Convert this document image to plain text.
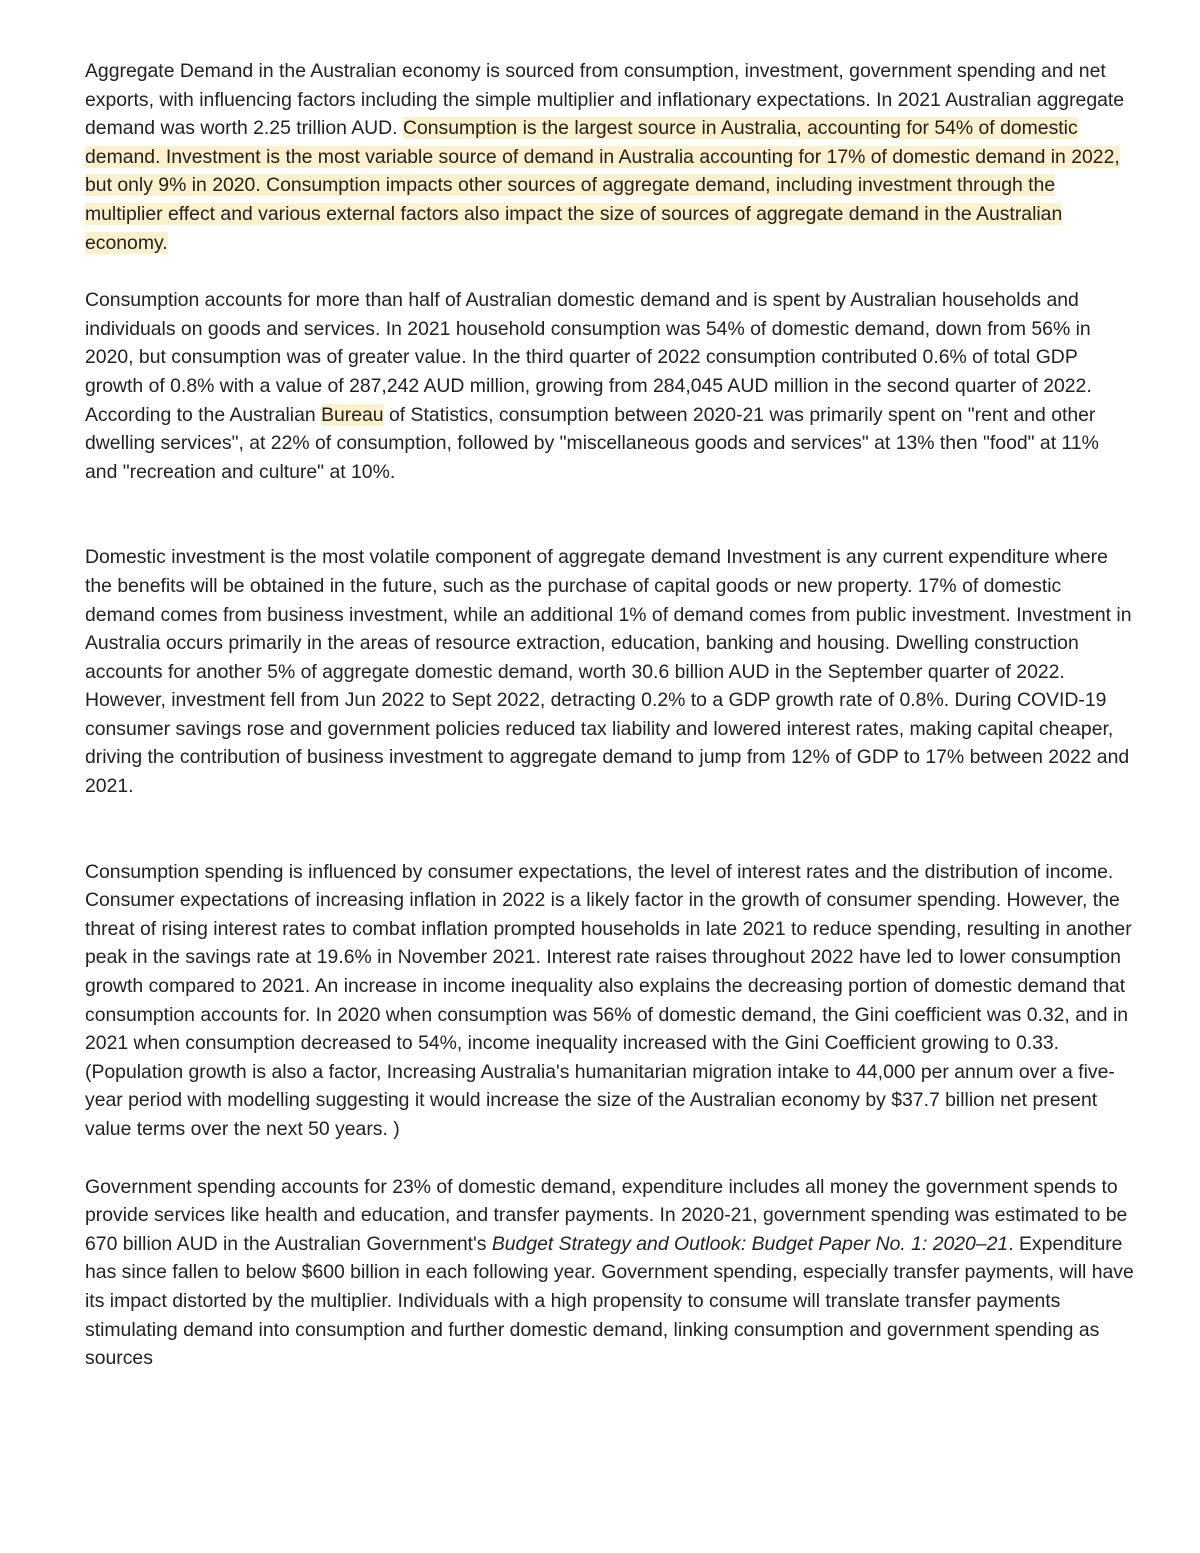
Aggregate Demand in the Australian economy is sourced from consumption, investment, government spending and net exports, with influencing factors including the simple multiplier and inflationary expectations. In 2021 Australian aggregate demand was worth 2.25 trillion AUD. Consumption is the largest source in Australia, accounting for 54% of domestic demand. Investment is the most variable source of demand in Australia accounting for 17% of domestic demand in 2022, but only 9% in 2020. Consumption impacts other sources of aggregate demand, including investment through the multiplier effect and various external factors also impact the size of sources of aggregate demand in the Australian economy.

Consumption accounts for more than half of Australian domestic demand and is spent by Australian households and individuals on goods and services. In 2021 household consumption was 54% of domestic demand, down from 56% in 2020, but consumption was of greater value. In the third quarter of 2022 consumption contributed 0.6% of total GDP growth of 0.8% with a value of 287,242 AUD million, growing from 284,045 AUD million in the second quarter of 2022. According to the Australian Bureau of Statistics, consumption between 2020-21 was primarily spent on "rent and other dwelling services", at 22% of consumption, followed by "miscellaneous goods and services" at 13% then "food" at 11% and "recreation and culture" at 10%.

Domestic investment is the most volatile component of aggregate demand Investment is any current expenditure where the benefits will be obtained in the future, such as the purchase of capital goods or new property. 17% of domestic demand comes from business investment, while an additional 1% of demand comes from public investment. Investment in Australia occurs primarily in the areas of resource extraction, education, banking and housing. Dwelling construction accounts for another 5% of aggregate domestic demand, worth 30.6 billion AUD in the September quarter of 2022. However, investment fell from Jun 2022 to Sept 2022, detracting 0.2% to a GDP growth rate of 0.8%. During COVID-19 consumer savings rose and government policies reduced tax liability and lowered interest rates, making capital cheaper, driving the contribution of business investment to aggregate demand to jump from 12% of GDP to 17% between 2022 and 2021.

Consumption spending is influenced by consumer expectations, the level of interest rates and the distribution of income. Consumer expectations of increasing inflation in 2022 is a likely factor in the growth of consumer spending. However, the threat of rising interest rates to combat inflation prompted households in late 2021 to reduce spending, resulting in another peak in the savings rate at 19.6% in November 2021. Interest rate raises throughout 2022 have led to lower consumption growth compared to 2021. An increase in income inequality also explains the decreasing portion of domestic demand that consumption accounts for. In 2020 when consumption was 56% of domestic demand, the Gini coefficient was 0.32, and in 2021 when consumption decreased to 54%, income inequality increased with the Gini Coefficient growing to 0.33. (Population growth is also a factor, Increasing Australia's humanitarian migration intake to 44,000 per annum over a five-year period with modelling suggesting it would increase the size of the Australian economy by $37.7 billion net present value terms over the next 50 years. )

Government spending accounts for 23% of domestic demand, expenditure includes all money the government spends to provide services like health and education, and transfer payments. In 2020-21, government spending was estimated to be 670 billion AUD in the Australian Government's Budget Strategy and Outlook: Budget Paper No. 1: 2020–21. Expenditure has since fallen to below $600 billion in each following year. Government spending, especially transfer payments, will have its impact distorted by the multiplier. Individuals with a high propensity to consume will translate transfer payments stimulating demand into consumption and further domestic demand, linking consumption and government spending as sources
